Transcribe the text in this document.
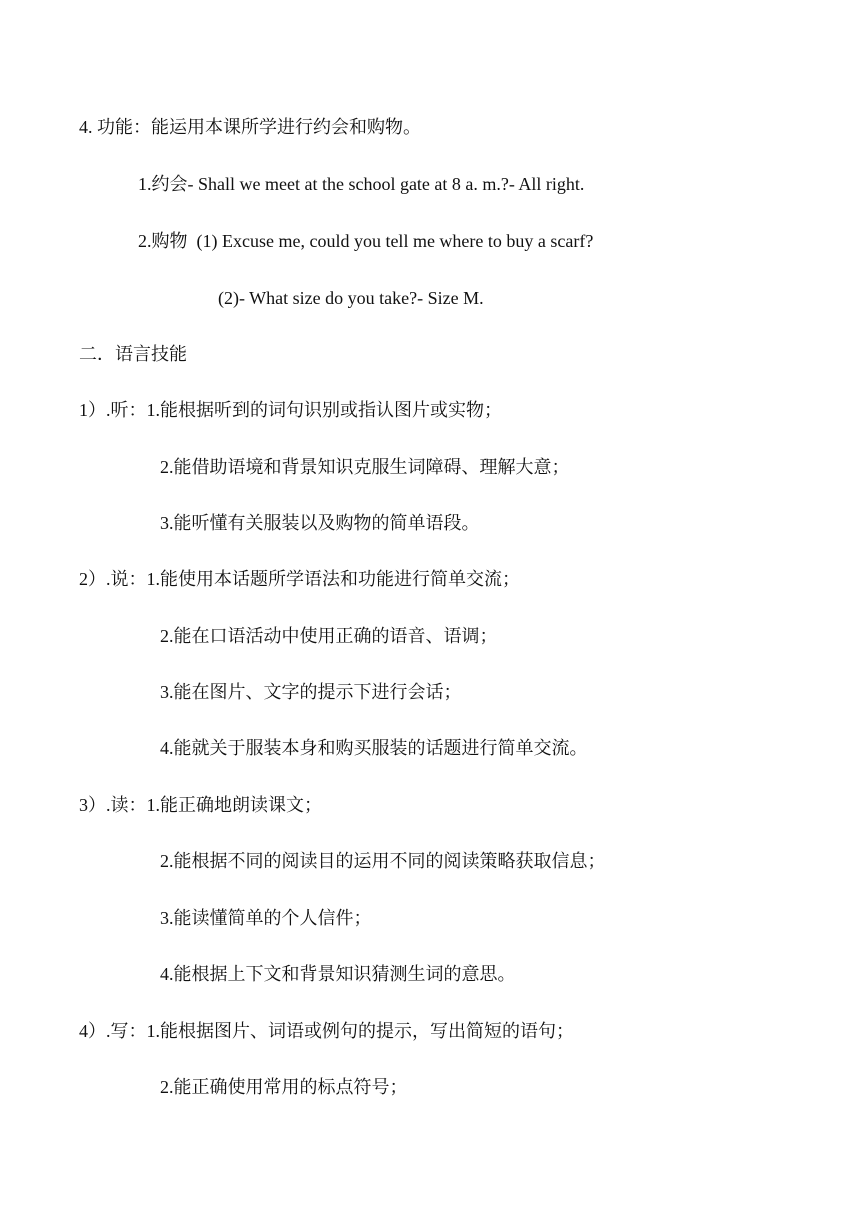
4. 功能：能运用本课所学进行约会和购物。
1.约会- Shall we meet at the school gate at 8 a. m.?- All right.
2.购物  (1) Excuse me, could you tell me where to buy a scarf?
(2)- What size do you take?- Size M.
二．语言技能
1）.听：1.能根据听到的词句识别或指认图片或实物；
2.能借助语境和背景知识克服生词障碍、理解大意；
3.能听懂有关服装以及购物的简单语段。
2）.说：1.能使用本话题所学语法和功能进行简单交流；
2.能在口语活动中使用正确的语音、语调；
3.能在图片、文字的提示下进行会话；
4.能就关于服装本身和购买服装的话题进行简单交流。
3）.读：1.能正确地朗读课文；
2.能根据不同的阅读目的运用不同的阅读策略获取信息；
3.能读懂简单的个人信件；
4.能根据上下文和背景知识猜测生词的意思。
4）.写：1.能根据图片、词语或例句的提示，写出简短的语句；
2.能正确使用常用的标点符号；
